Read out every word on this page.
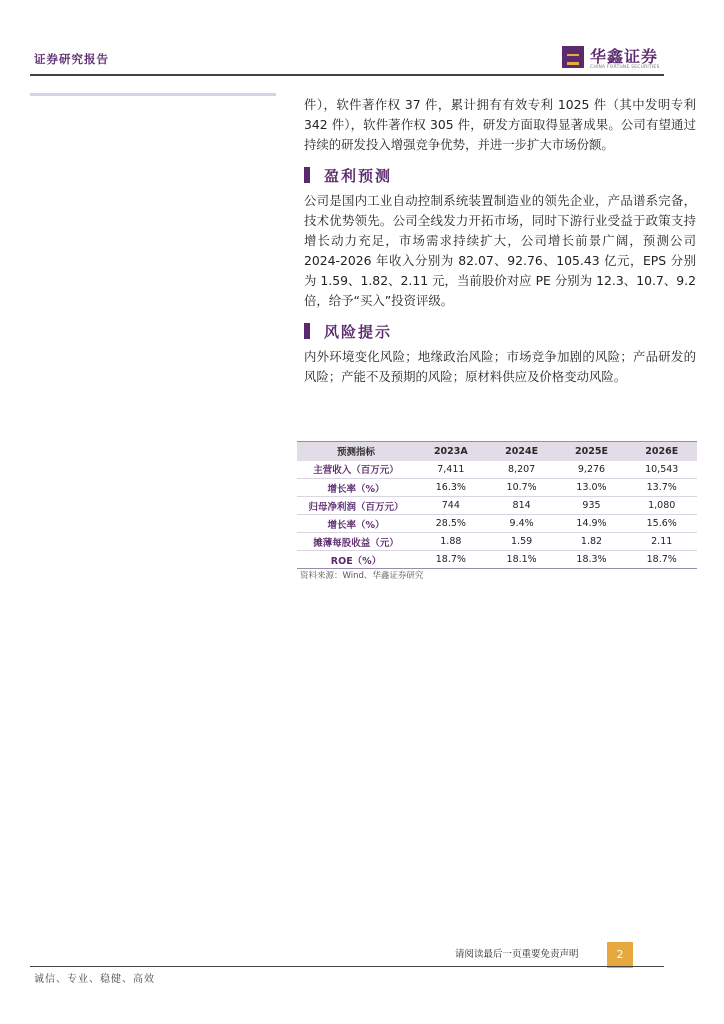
证券研究报告	华鑫证券
CHINA FORTUNE SECURITIES

件），软件著作权 37 件，累计拥有有效专利 1025 件（其中发明专利 342 件），软件著作权 305 件，研发方面取得显著成果。公司有望通过持续的研发投入增强竞争优势，并进一步扩大市场份额。

盈利预测

公司是国内工业自动控制系统装置制造业的领先企业，产品谱系完备，技术优势领先。公司全线发力开拓市场，同时下游行业受益于政策支持增长动力充足，市场需求持续扩大，公司增长前景广阔，预测公司 2024-2026 年收入分别为 82.07、92.76、105.43 亿元，EPS 分别为 1.59、1.82、2.11 元，当前股价对应 PE 分别为 12.3、10.7、9.2 倍，给予“买入”投资评级。

风险提示

内外环境变化风险；地缘政治风险；市场竞争加剧的风险；产品研发的风险；产能不及预期的风险；原材料供应及价格变动风险。

预测指标	2023A	2024E	2025E	2026E
主营收入（百万元）	7,411	8,207	9,276	10,543
增长率（%）	16.3%	10.7%	13.0%	13.7%
归母净利润（百万元）	744	814	935	1,080
增长率（%）	28.5%	9.4%	14.9%	15.6%
摊薄每股收益（元）	1.88	1.59	1.82	2.11
ROE（%）	18.7%	18.1%	18.3%	18.7%
资料来源：Wind、华鑫证券研究
请阅读最后一页重要免责声明	2
诚信、专业、稳健、高效
